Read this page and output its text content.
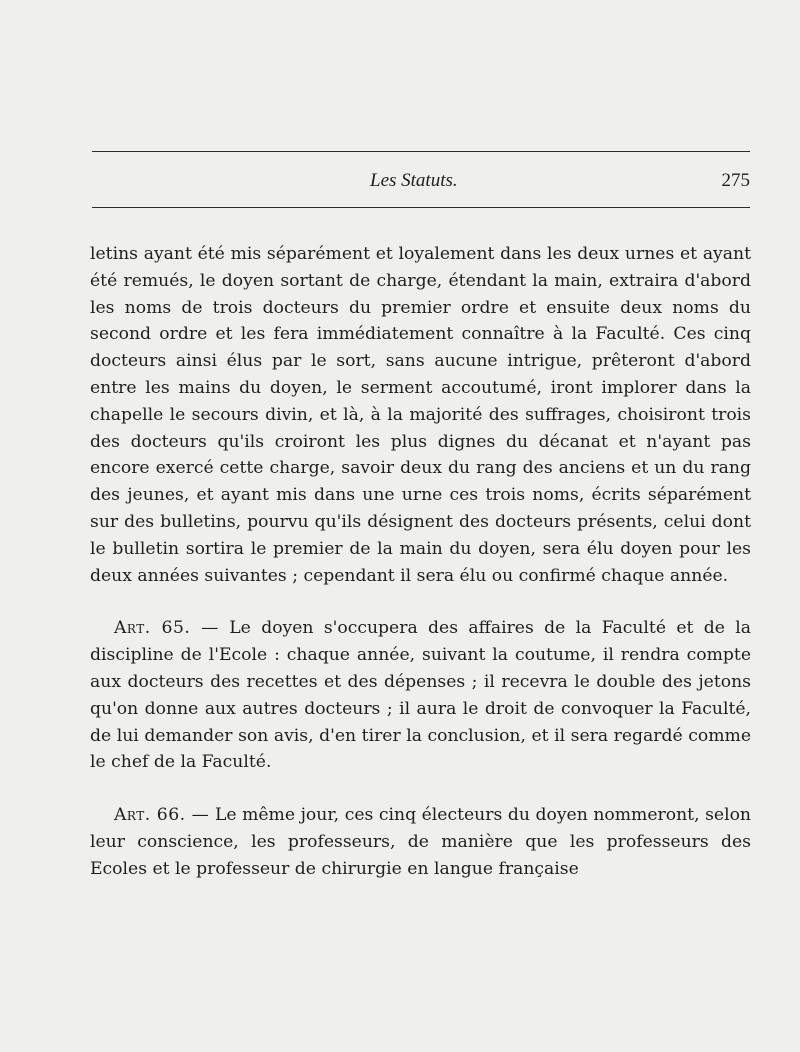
Les Statuts.	275

letins ayant été mis séparément et loyalement dans les deux urnes et ayant été remués, le doyen sortant de charge, étendant la main, extraira d'abord les noms de trois docteurs du premier ordre et ensuite deux noms du second ordre et les fera immédiatement connaître à la Faculté. Ces cinq docteurs ainsi élus par le sort, sans aucune intrigue, prêteront d'abord entre les mains du doyen, le serment accoutumé, iront implorer dans la chapelle le secours divin, et là, à la majorité des suffrages, choisiront trois des docteurs qu'ils croiront les plus dignes du décanat et n'ayant pas encore exercé cette charge, savoir deux du rang des anciens et un du rang des jeunes, et ayant mis dans une urne ces trois noms, écrits séparément sur des bulletins, pourvu qu'ils désignent des docteurs présents, celui dont le bulletin sortira le premier de la main du doyen, sera élu doyen pour les deux années suivantes ; cependant il sera élu ou confirmé chaque année.

Art. 65. — Le doyen s'occupera des affaires de la Faculté et de la discipline de l'Ecole : chaque année, suivant la coutume, il rendra compte aux docteurs des recettes et des dépenses ; il recevra le double des jetons qu'on donne aux autres docteurs ; il aura le droit de convoquer la Faculté, de lui demander son avis, d'en tirer la conclusion, et il sera regardé comme le chef de la Faculté.

Art. 66. — Le même jour, ces cinq électeurs du doyen nommeront, selon leur conscience, les professeurs, de manière que les professeurs des Ecoles et le professeur de chirurgie en langue française
